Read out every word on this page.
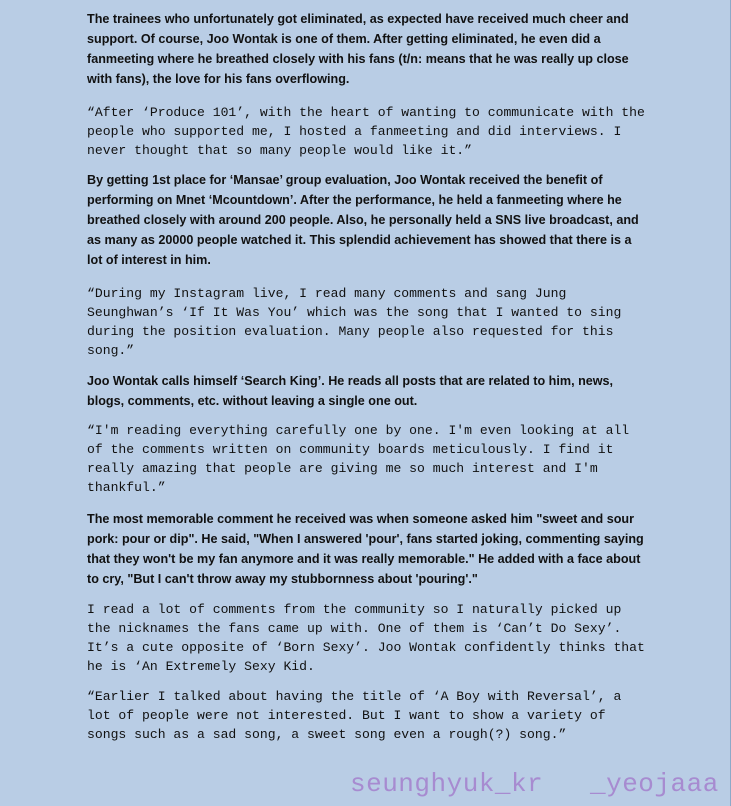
The trainees who unfortunately got eliminated, as expected have received much cheer and support. Of course, Joo Wontak is one of them. After getting eliminated, he even did a fanmeeting where he breathed closely with his fans (t/n: means that he was really up close with fans), the love for his fans overflowing.

“After ‘Produce 101’, with the heart of wanting to communicate with the people who supported me, I hosted a fanmeeting and did interviews. I never thought that so many people would like it.”

By getting 1st place for ‘Mansae’ group evaluation, Joo Wontak received the benefit of performing on Mnet ‘Mcountdown’. After the performance, he held a fanmeeting where he breathed closely with around 200 people. Also, he personally held a SNS live broadcast, and as many as 20000 people watched it. This splendid achievement has showed that there is a lot of interest in him.

“During my Instagram live, I read many comments and sang Jung Seunghwan’s ‘If It Was You’ which was the song that I wanted to sing during the position evaluation. Many people also requested for this song.”

Joo Wontak calls himself ‘Search King’. He reads all posts that are related to him, news, blogs, comments, etc. without leaving a single one out.

“I'm reading everything carefully one by one. I'm even looking at all of the comments written on community boards meticulously. I find it really amazing that people are giving me so much interest and I'm thankful.”

The most memorable comment he received was when someone asked him "sweet and sour pork: pour or dip". He said, "When I answered 'pour', fans started joking, commenting saying that they won't be my fan anymore and it was really memorable." He added with a face about to cry, "But I can't throw away my stubbornness about 'pouring'."

I read a lot of comments from the community so I naturally picked up the nicknames the fans came up with. One of them is ‘Can’t Do Sexy’. It’s a cute opposite of ‘Born Sexy’. Joo Wontak confidently thinks that he is ‘An Extremely Sexy Kid.

“Earlier I talked about having the title of ‘A Boy with Reversal’, a lot of people were not interested. But I want to show a variety of songs such as a sad song, a sweet song even a rough(?) song.”

seunghyuk_kr _yeojaaa
